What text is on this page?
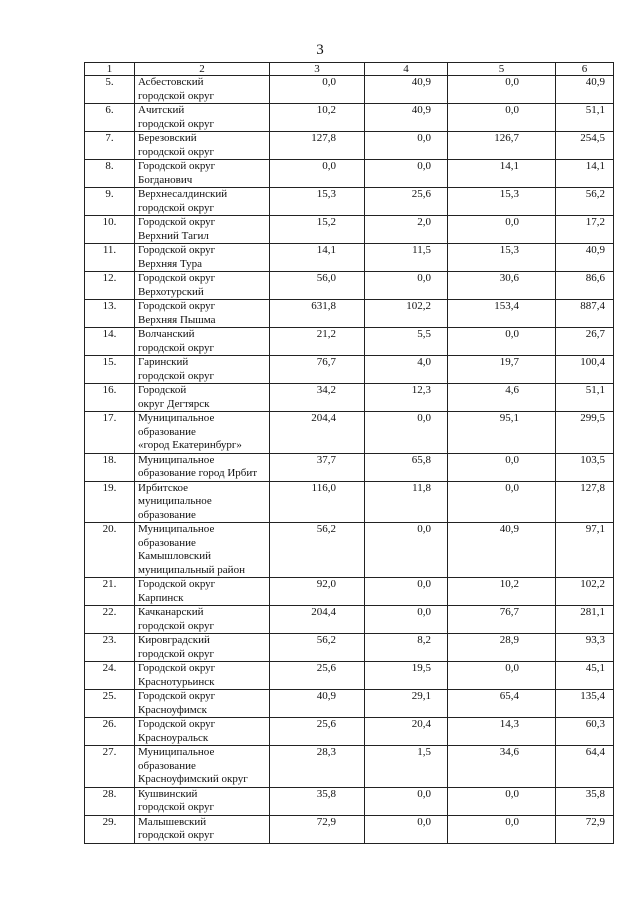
3
1	2	3	4	5	6
5.	Асбестовский
городской округ	0,0	40,9	0,0	40,9
6.	Ачитский
городской округ	10,2	40,9	0,0	51,1
7.	Березовский
городской округ	127,8	0,0	126,7	254,5
8.	Городской округ
Богданович	0,0	0,0	14,1	14,1
9.	Верхнесалдинский
городской округ	15,3	25,6	15,3	56,2
10.	Городской округ
Верхний Тагил	15,2	2,0	0,0	17,2
11.	Городской округ
Верхняя Тура	14,1	11,5	15,3	40,9
12.	Городской округ
Верхотурский	56,0	0,0	30,6	86,6
13.	Городской округ
Верхняя Пышма	631,8	102,2	153,4	887,4
14.	Волчанский
городской округ	21,2	5,5	0,0	26,7
15.	Гаринский
городской округ	76,7	4,0	19,7	100,4
16.	Городской
округ Дегтярск	34,2	12,3	4,6	51,1
17.	Муниципальное
образование
«город Екатеринбург»	204,4	0,0	95,1	299,5
18.	Муниципальное
образование город Ирбит	37,7	65,8	0,0	103,5
19.	Ирбитское
муниципальное
образование	116,0	11,8	0,0	127,8
20.	Муниципальное
образование
Камышловский
муниципальный район	56,2	0,0	40,9	97,1
21.	Городской округ
Карпинск	92,0	0,0	10,2	102,2
22.	Качканарский
городской округ	204,4	0,0	76,7	281,1
23.	Кировградский
городской округ	56,2	8,2	28,9	93,3
24.	Городской округ
Краснотурьинск	25,6	19,5	0,0	45,1
25.	Городской округ
Красноуфимск	40,9	29,1	65,4	135,4
26.	Городской округ
Красноуральск	25,6	20,4	14,3	60,3
27.	Муниципальное
образование
Красноуфимский округ	28,3	1,5	34,6	64,4
28.	Кушвинский
городской округ	35,8	0,0	0,0	35,8
29.	Малышевский
городской округ	72,9	0,0	0,0	72,9
